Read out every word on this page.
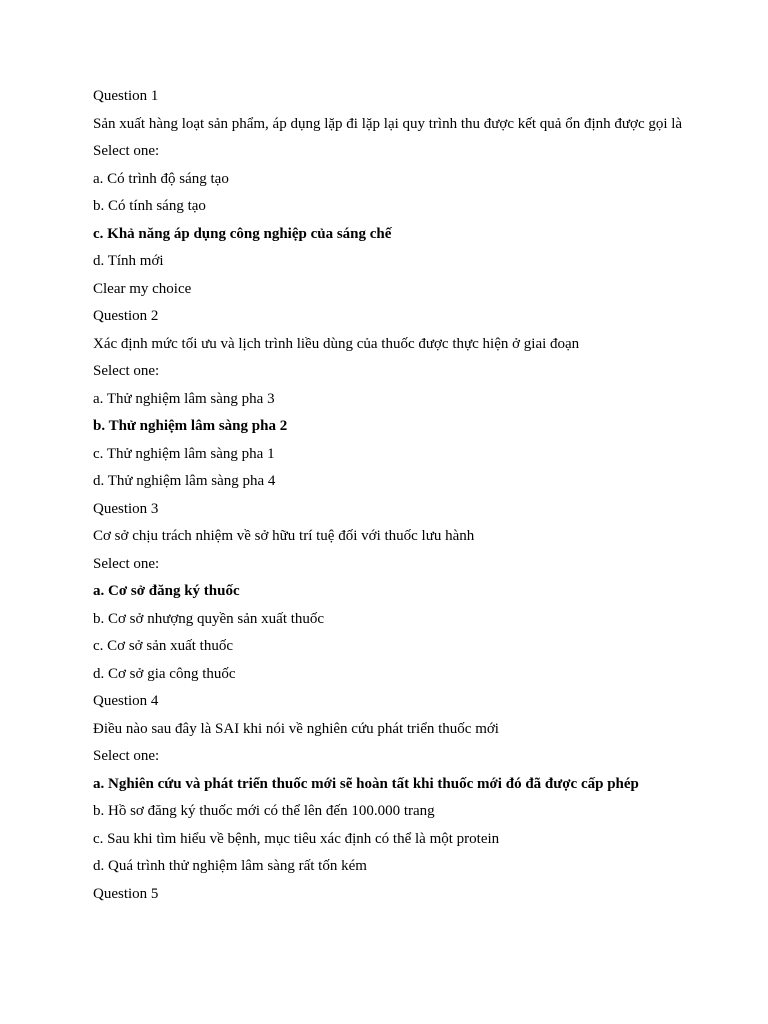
Question 1

Sản xuất hàng loạt sản phẩm, áp dụng lặp đi lặp lại quy trình thu được kết quả ổn định được gọi là

Select one:

a. Có trình độ sáng tạo

b. Có tính sáng tạo

c. Khả năng áp dụng công nghiệp của sáng chế

d. Tính mới

Clear my choice

Question 2

Xác định mức tối ưu và lịch trình liều dùng của thuốc được thực hiện ở giai đoạn

Select one:

a. Thử nghiệm lâm sàng pha 3

b. Thử nghiệm lâm sàng pha 2

c. Thử nghiệm lâm sàng pha 1

d. Thử nghiệm lâm sàng pha 4

Question 3

Cơ sở chịu trách nhiệm về sở hữu trí tuệ đối với thuốc lưu hành

Select one:

a. Cơ sở đăng ký thuốc

b. Cơ sở nhượng quyền sản xuất thuốc

c. Cơ sở sản xuất thuốc

d. Cơ sở gia công thuốc

Question 4

Điều nào sau đây là SAI khi nói về nghiên cứu phát triển thuốc mới

Select one:

a. Nghiên cứu và phát triển thuốc mới sẽ hoàn tất khi thuốc mới đó đã được cấp phép

b. Hồ sơ đăng ký thuốc mới có thể lên đến 100.000 trang

c. Sau khi tìm hiểu về bệnh, mục tiêu xác định có thể là một protein

d. Quá trình thử nghiệm lâm sàng rất tốn kém

Question 5
